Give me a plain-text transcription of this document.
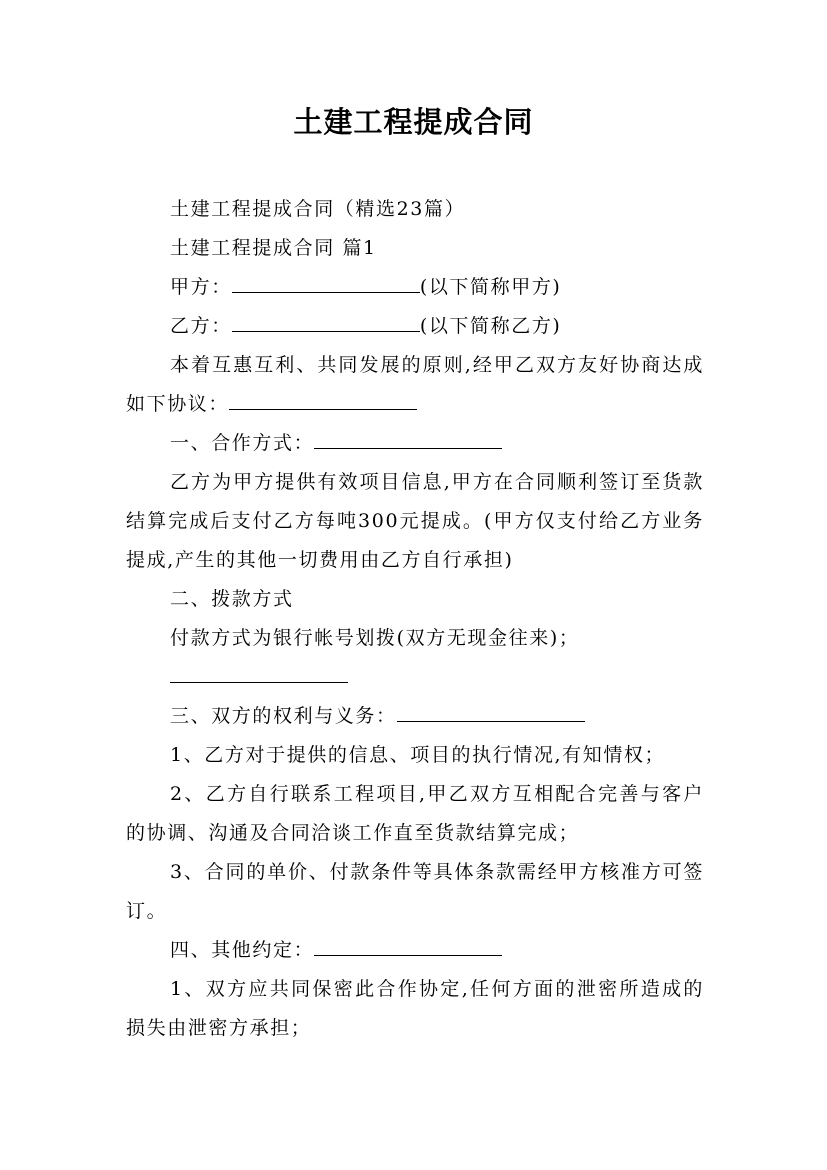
土建工程提成合同

土建工程提成合同（精选23篇）

土建工程提成合同 篇1

甲方：	(以下简称甲方)

乙方：	(以下简称乙方)

本着互惠互利、共同发展的原则,经甲乙双方友好协商达成如下协议：

一、合作方式：

乙方为甲方提供有效项目信息,甲方在合同顺利签订至货款结算完成后支付乙方每吨300元提成。(甲方仅支付给乙方业务提成,产生的其他一切费用由乙方自行承担)

二、拨款方式

付款方式为银行帐号划拨(双方无现金往来)；

三、双方的权利与义务：

1、乙方对于提供的信息、项目的执行情况,有知情权；

2、乙方自行联系工程项目,甲乙双方互相配合完善与客户的协调、沟通及合同洽谈工作直至货款结算完成；

3、合同的单价、付款条件等具体条款需经甲方核准方可签订。

四、其他约定：

1、双方应共同保密此合作协定,任何方面的泄密所造成的损失由泄密方承担；
